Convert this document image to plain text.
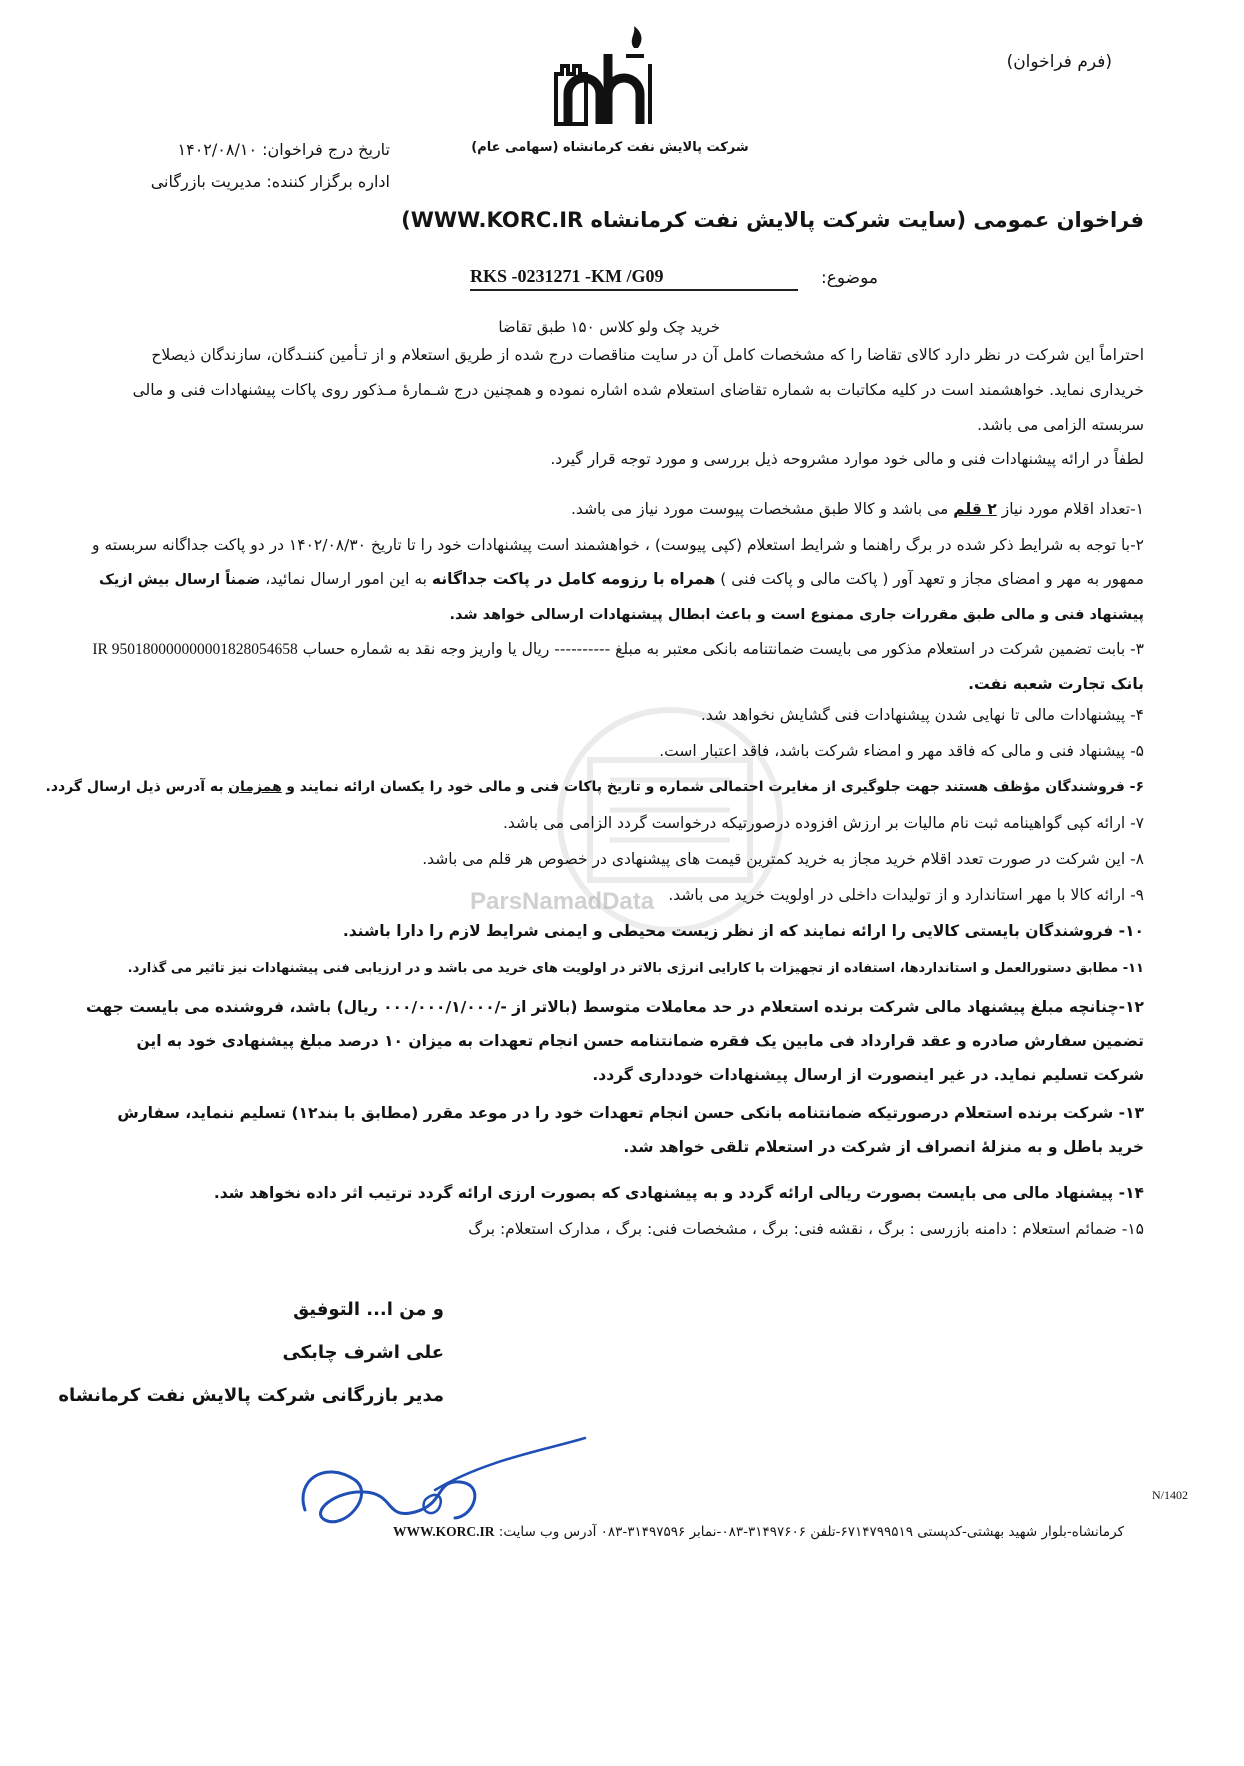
ParsNamadData
(فرم فراخوان)
شرکت پالایش نفت کرمانشاه (سهامی عام)
تاریخ درج فراخوان: ۱۴۰۲/۰۸/۱۰
اداره برگزار کننده: مدیریت بازرگانی
فراخوان عمومی (سایت شرکت پالایش نفت کرمانشاه WWW.KORC.IR)
موضوع:
RKS -0231271 -KM /G09
خرید چک ولو کلاس ۱۵۰ طبق تقاضا
احتراماً این شرکت در نظر دارد کالای تقاضا را که مشخصات کامل آن در سایت مناقصات درج شده از طریق استعلام و از تـأمین کننـدگان، سازندگان ذیصلاح خریداری نماید. خواهشمند است در کلیه مکاتبات به شماره تقاضای استعلام شده اشاره نموده و همچنین درج شـمارهٔ مـذکور روی پاکات پیشنهادات فنی و مالی سربسته الزامی می باشد.
لطفاً در ارائه پیشنهادات فنی و مالی خود موارد مشروحه ذیل بررسی و مورد توجه قرار گیرد.
۱-تعداد اقلام مورد نیاز ۲ قلم می باشد و کالا طبق مشخصات پیوست مورد نیاز می باشد.
۲-با توجه به شرایط ذکر شده در برگ راهنما و شرایط استعلام (کپی پیوست) ، خواهشمند است پیشنهادات خود را تا تاریخ ۱۴۰۲/۰۸/۳۰ در دو پاکت جداگانه سربسته و ممهور به مهر و امضای مجاز و تعهد آور ( پاکت مالی و پاکت فنی ) همراه با رزومه کامل در پاکت جداگانه به این امور ارسال نمائید، ضمناً ارسال بیش ازیک پیشنهاد فنی و مالی طبق مقررات جاری ممنوع است و باعث ابطال پیشنهادات ارسالی خواهد شد.
۳- بابت تضمین شرکت در استعلام مذکور می بایست ضمانتنامه بانکی معتبر به مبلغ ---------- ریال یا واریز وجه نقد به شماره حساب IR 950180000000001828054658 بانک تجارت شعبه نفت.
۴- پیشنهادات مالی تا نهایی شدن پیشنهادات فنی گشایش نخواهد شد.
۵- پیشنهاد فنی و مالی که فاقد مهر و امضاء شرکت باشد، فاقد اعتبار است.
۶- فروشندگان مؤظف هستند جهت جلوگیری از مغایرت احتمالی شماره و تاریخ پاکات فنی و مالی خود را یکسان ارائه نمایند و همزمان به آدرس ذیل ارسال گردد.
۷- ارائه کپی گواهینامه ثبت نام مالیات بر ارزش افزوده درصورتیکه درخواست گردد الزامی می باشد.
۸- این شرکت در صورت تعدد اقلام خرید مجاز به خرید کمترین قیمت های پیشنهادی در خصوص هر قلم می باشد.
۹- ارائه کالا با مهر استاندارد و از تولیدات داخلی در اولویت خرید می باشد.
۱۰- فروشندگان بایستی کالایی را ارائه نمایند که از نظر زیست محیطی و ایمنی شرایط لازم را دارا باشند.
۱۱- مطابق دستورالعمل و استانداردها، استفاده از تجهیزات با کارایی انرژی بالاتر در اولویت های خرید می باشد و در ارزیابی فنی پیشنهادات نیز تاثیر می گذارد.
۱۲-چنانچه مبلغ پیشنهاد مالی شرکت برنده استعلام در حد معاملات متوسط (بالاتر از -/۰۰۰/۰۰۰/۱/۰۰۰ ریال) باشد، فروشنده می بایست جهت تضمین سفارش صادره و عقد قرارداد فی مابین یک فقره ضمانتنامه حسن انجام تعهدات به میزان ۱۰ درصد مبلغ پیشنهادی خود به این شرکت تسلیم نماید. در غیر اینصورت از ارسال پیشنهادات خودداری گردد.
۱۳- شرکت برنده استعلام درصورتیکه ضمانتنامه بانکی حسن انجام تعهدات خود را در موعد مقرر (مطابق با بند۱۲) تسلیم ننماید، سفارش خرید باطل و به منزلهٔ انصراف از شرکت در استعلام تلقی خواهد شد.
۱۴- پیشنهاد مالی می بایست بصورت ریالی ارائه گردد و به پیشنهادی که بصورت ارزی ارائه گردد ترتیب اثر داده نخواهد شد.
۱۵- ضمائم استعلام : دامنه بازرسی : برگ ، نقشه فنی: برگ ، مشخصات فنی: برگ ، مدارک استعلام: برگ
و من ا... التوفیق
علی اشرف چابکی
مدیر بازرگانی شرکت پالایش نفت کرمانشاه
N/1402
کرمانشاه-بلوار شهید بهشتی-کدپستی ۶۷۱۴۷۹۹۵۱۹-تلفن ۳۱۴۹۷۶۰۶-۰۸۳-نمابر ۳۱۴۹۷۵۹۶-۰۸۳ آدرس وب سایت: WWW.KORC.IR
